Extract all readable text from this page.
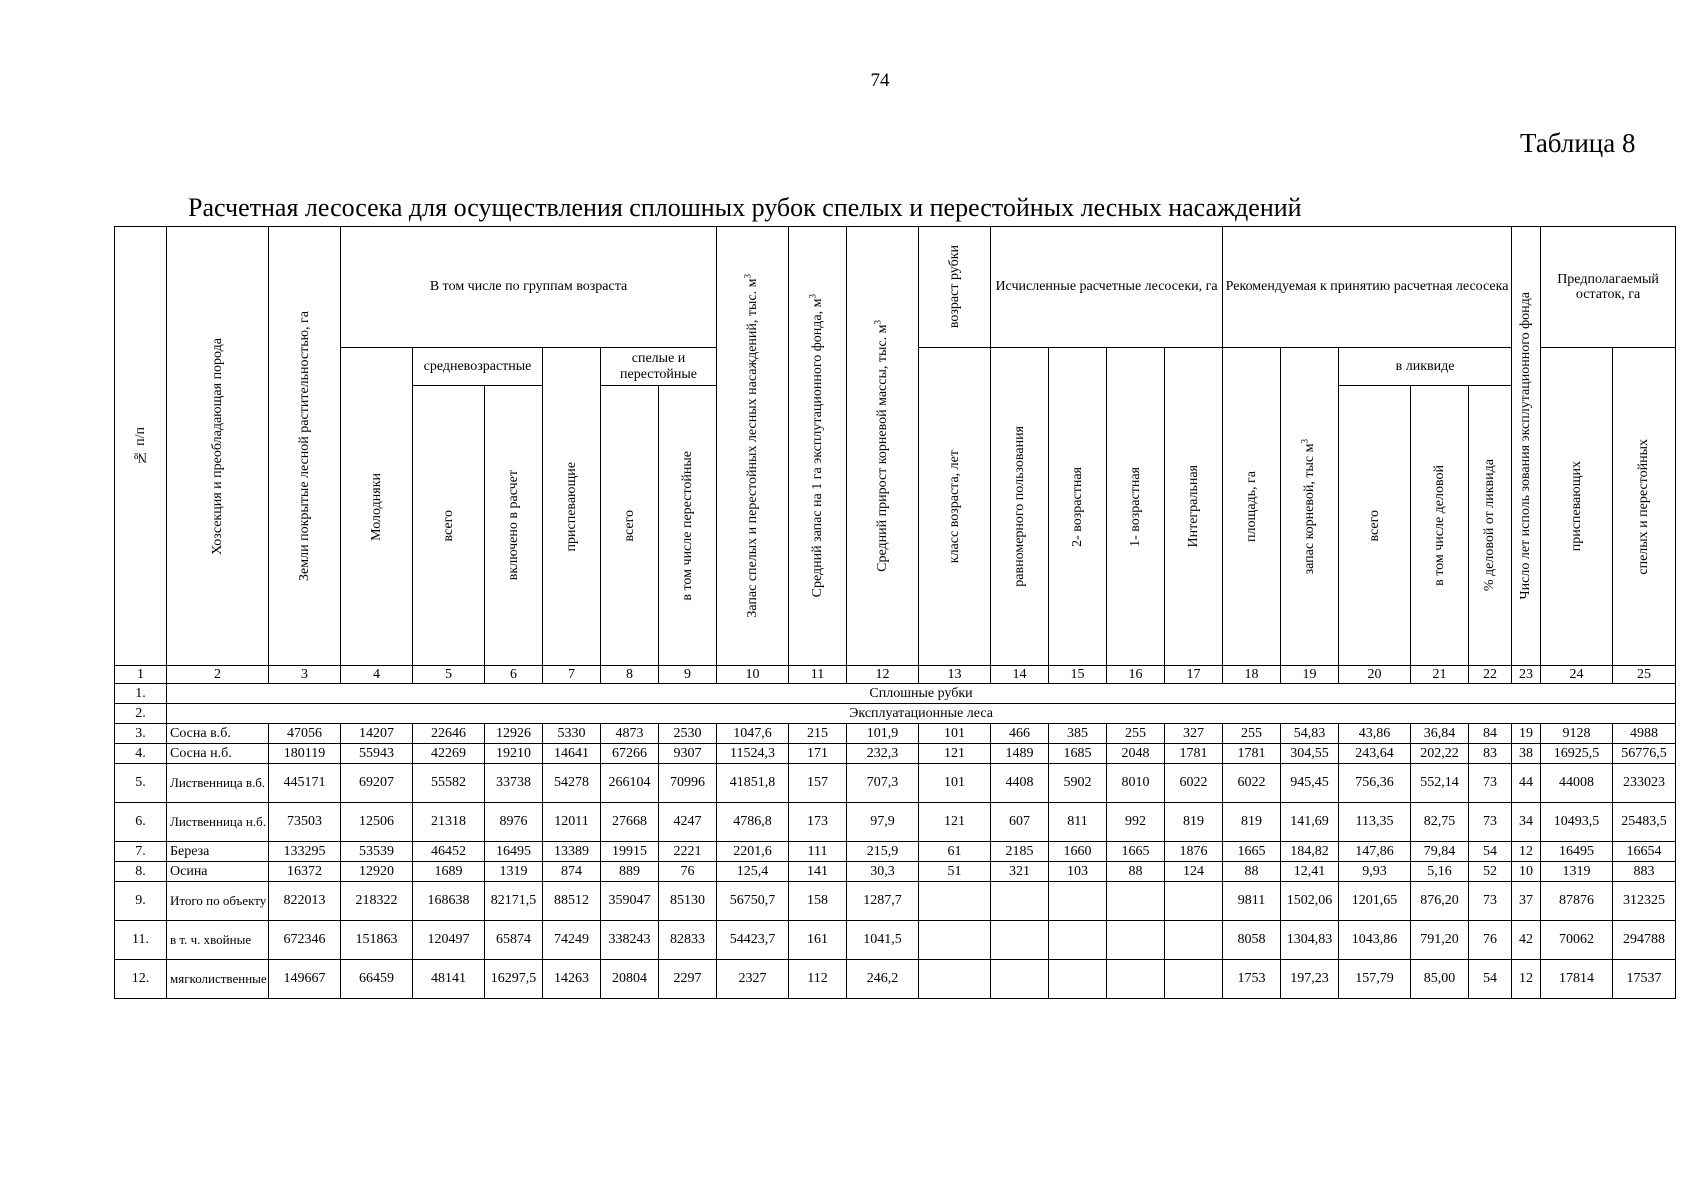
74
Таблица 8
Расчетная лесосека для осуществления сплошных рубок спелых и перестойных лесных насаждений
№ п/п	Хозсекция и преобладающая порода	Земли покрытые лесной растительностью, га	В том числе по группам возраста						Запас спелых и перестойных лесных насаждений, тыс. $м^3$	Средний запас на 1 га эксплутационного фонда, $м^3$	Средний прирост корневой массы, тыс. $м^3$	возраст рубки	Исчисленные расчетные лесосеки, га				Рекомендуемая к принятию расчетная лесосека					Число лет исполь зования эксплутационного фонда	Предполагаемый остаток, га	

			Молодняки	средневозрастные		приспевающие	спелые и перестойные					класс возраста, лет	равномерного пользования	2- возрастная	1- возрастная	Интегральная	площадь, га	запас корневой, тыс $м^3$	в ликвиде				приспевающих	спелых и перестойных

				всего	включено в расчет		всего	в том числе перестойные											всего	в том числе деловой	% деловой от ликвида			

1	2	3	4	5	6	7	8	9	10	11	12	13	14	15	16	17	18	19	20	21	22	23	24	25
1.	Сплошные рубки																							
2.	Эксплуатационные леса																							
3.	Сосна в.б.	47056	14207	22646	12926	5330	4873	2530	1047,6	215	101,9	101	466	385	255	327	255	54,83	43,86	36,84	84	19	9128	4988
4.	Сосна н.б.	180119	55943	42269	19210	14641	67266	9307	11524,3	171	232,3	121	1489	1685	2048	1781	1781	304,55	243,64	202,22	83	38	16925,5	56776,5
5.	Лиственница в.б.	445171	69207	55582	33738	54278	266104	70996	41851,8	157	707,3	101	4408	5902	8010	6022	6022	945,45	756,36	552,14	73	44	44008	233023
6.	Лиственница н.б.	73503	12506	21318	8976	12011	27668	4247	4786,8	173	97,9	121	607	811	992	819	819	141,69	113,35	82,75	73	34	10493,5	25483,5
7.	Береза	133295	53539	46452	16495	13389	19915	2221	2201,6	111	215,9	61	2185	1660	1665	1876	1665	184,82	147,86	79,84	54	12	16495	16654
8.	Осина	16372	12920	1689	1319	874	889	76	125,4	141	30,3	51	321	103	88	124	88	12,41	9,93	5,16	52	10	1319	883
9.	Итого по объекту	822013	218322	168638	82171,5	88512	359047	85130	56750,7	158	1287,7						9811	1502,06	1201,65	876,20	73	37	87876	312325
11.	в т. ч. хвойные	672346	151863	120497	65874	74249	338243	82833	54423,7	161	1041,5						8058	1304,83	1043,86	791,20	76	42	70062	294788
12.	мягколиственные	149667	66459	48141	16297,5	14263	20804	2297	2327	112	246,2						1753	197,23	157,79	85,00	54	12	17814	17537
